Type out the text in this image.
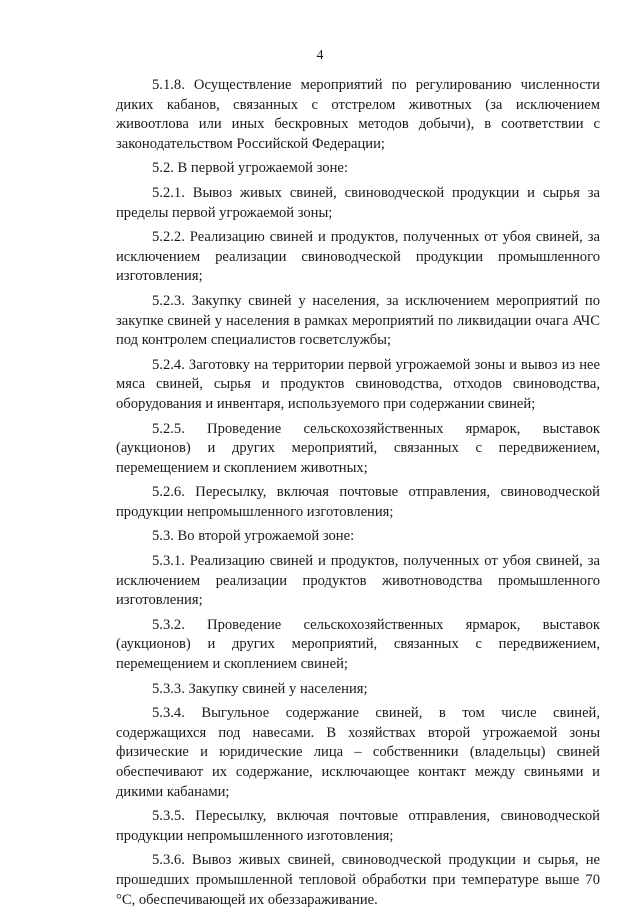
4

5.1.8. Осуществление мероприятий по регулированию численности диких кабанов, связанных с отстрелом животных (за исключением живоотлова или иных бескровных методов добычи), в соответствии с законодательством Российской Федерации;

5.2. В первой угрожаемой зоне:

5.2.1. Вывоз живых свиней, свиноводческой продукции и сырья за пределы первой угрожаемой зоны;

5.2.2. Реализацию свиней и продуктов, полученных от убоя свиней, за исключением реализации свиноводческой продукции промышленного изготовления;

5.2.3. Закупку свиней у населения, за исключением мероприятий по закупке свиней у населения в рамках мероприятий по ликвидации очага АЧС под контролем специалистов госветслужбы;

5.2.4. Заготовку на территории первой угрожаемой зоны и вывоз из нее мяса свиней, сырья и продуктов свиноводства, отходов свиноводства, оборудования и инвентаря, используемого при содержании свиней;

5.2.5. Проведение сельскохозяйственных ярмарок, выставок (аукционов) и других мероприятий, связанных с передвижением, перемещением и скоплением животных;

5.2.6. Пересылку, включая почтовые отправления, свиноводческой продукции непромышленного изготовления;

5.3. Во второй угрожаемой зоне:

5.3.1. Реализацию свиней и продуктов, полученных от убоя свиней, за исключением реализации продуктов животноводства промышленного изготовления;

5.3.2. Проведение сельскохозяйственных ярмарок, выставок (аукционов) и других мероприятий, связанных с передвижением, перемещением и скоплением свиней;

5.3.3. Закупку свиней у населения;

5.3.4. Выгульное содержание свиней, в том числе свиней, содержащихся под навесами. В хозяйствах второй угрожаемой зоны физические и юридические лица – собственники (владельцы) свиней обеспечивают их содержание, исключающее контакт между свиньями и дикими кабанами;

5.3.5. Пересылку, включая почтовые отправления, свиноводческой продукции непромышленного изготовления;

5.3.6. Вывоз живых свиней, свиноводческой продукции и сырья, не прошедших промышленной тепловой обработки при температуре выше 70 °С, обеспечивающей их обеззараживание.
